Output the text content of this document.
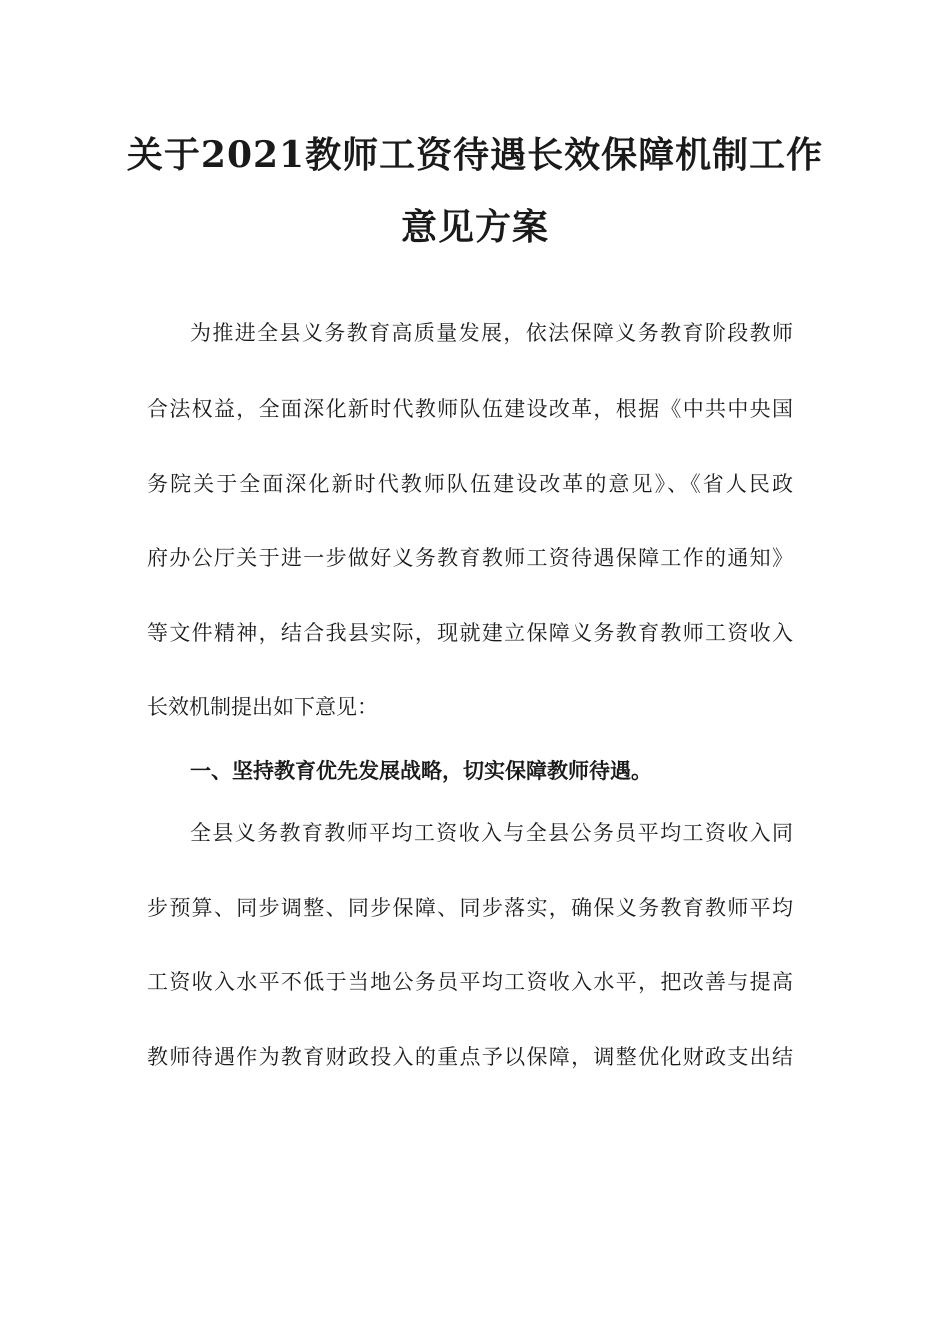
关于2021教师工资待遇长效保障机制工作
意见方案

为推进全县义务教育高质量发展，依法保障义务教育阶段教师

合法权益，全面深化新时代教师队伍建设改革，根据《中共中央国

务院关于全面深化新时代教师队伍建设改革的意见》、《省人民政

府办公厅关于进一步做好义务教育教师工资待遇保障工作的通知》

等文件精神，结合我县实际，现就建立保障义务教育教师工资收入

长效机制提出如下意见：

一、坚持教育优先发展战略，切实保障教师待遇。

全县义务教育教师平均工资收入与全县公务员平均工资收入同

步预算、同步调整、同步保障、同步落实，确保义务教育教师平均

工资收入水平不低于当地公务员平均工资收入水平，把改善与提高

教师待遇作为教育财政投入的重点予以保障，调整优化财政支出结
